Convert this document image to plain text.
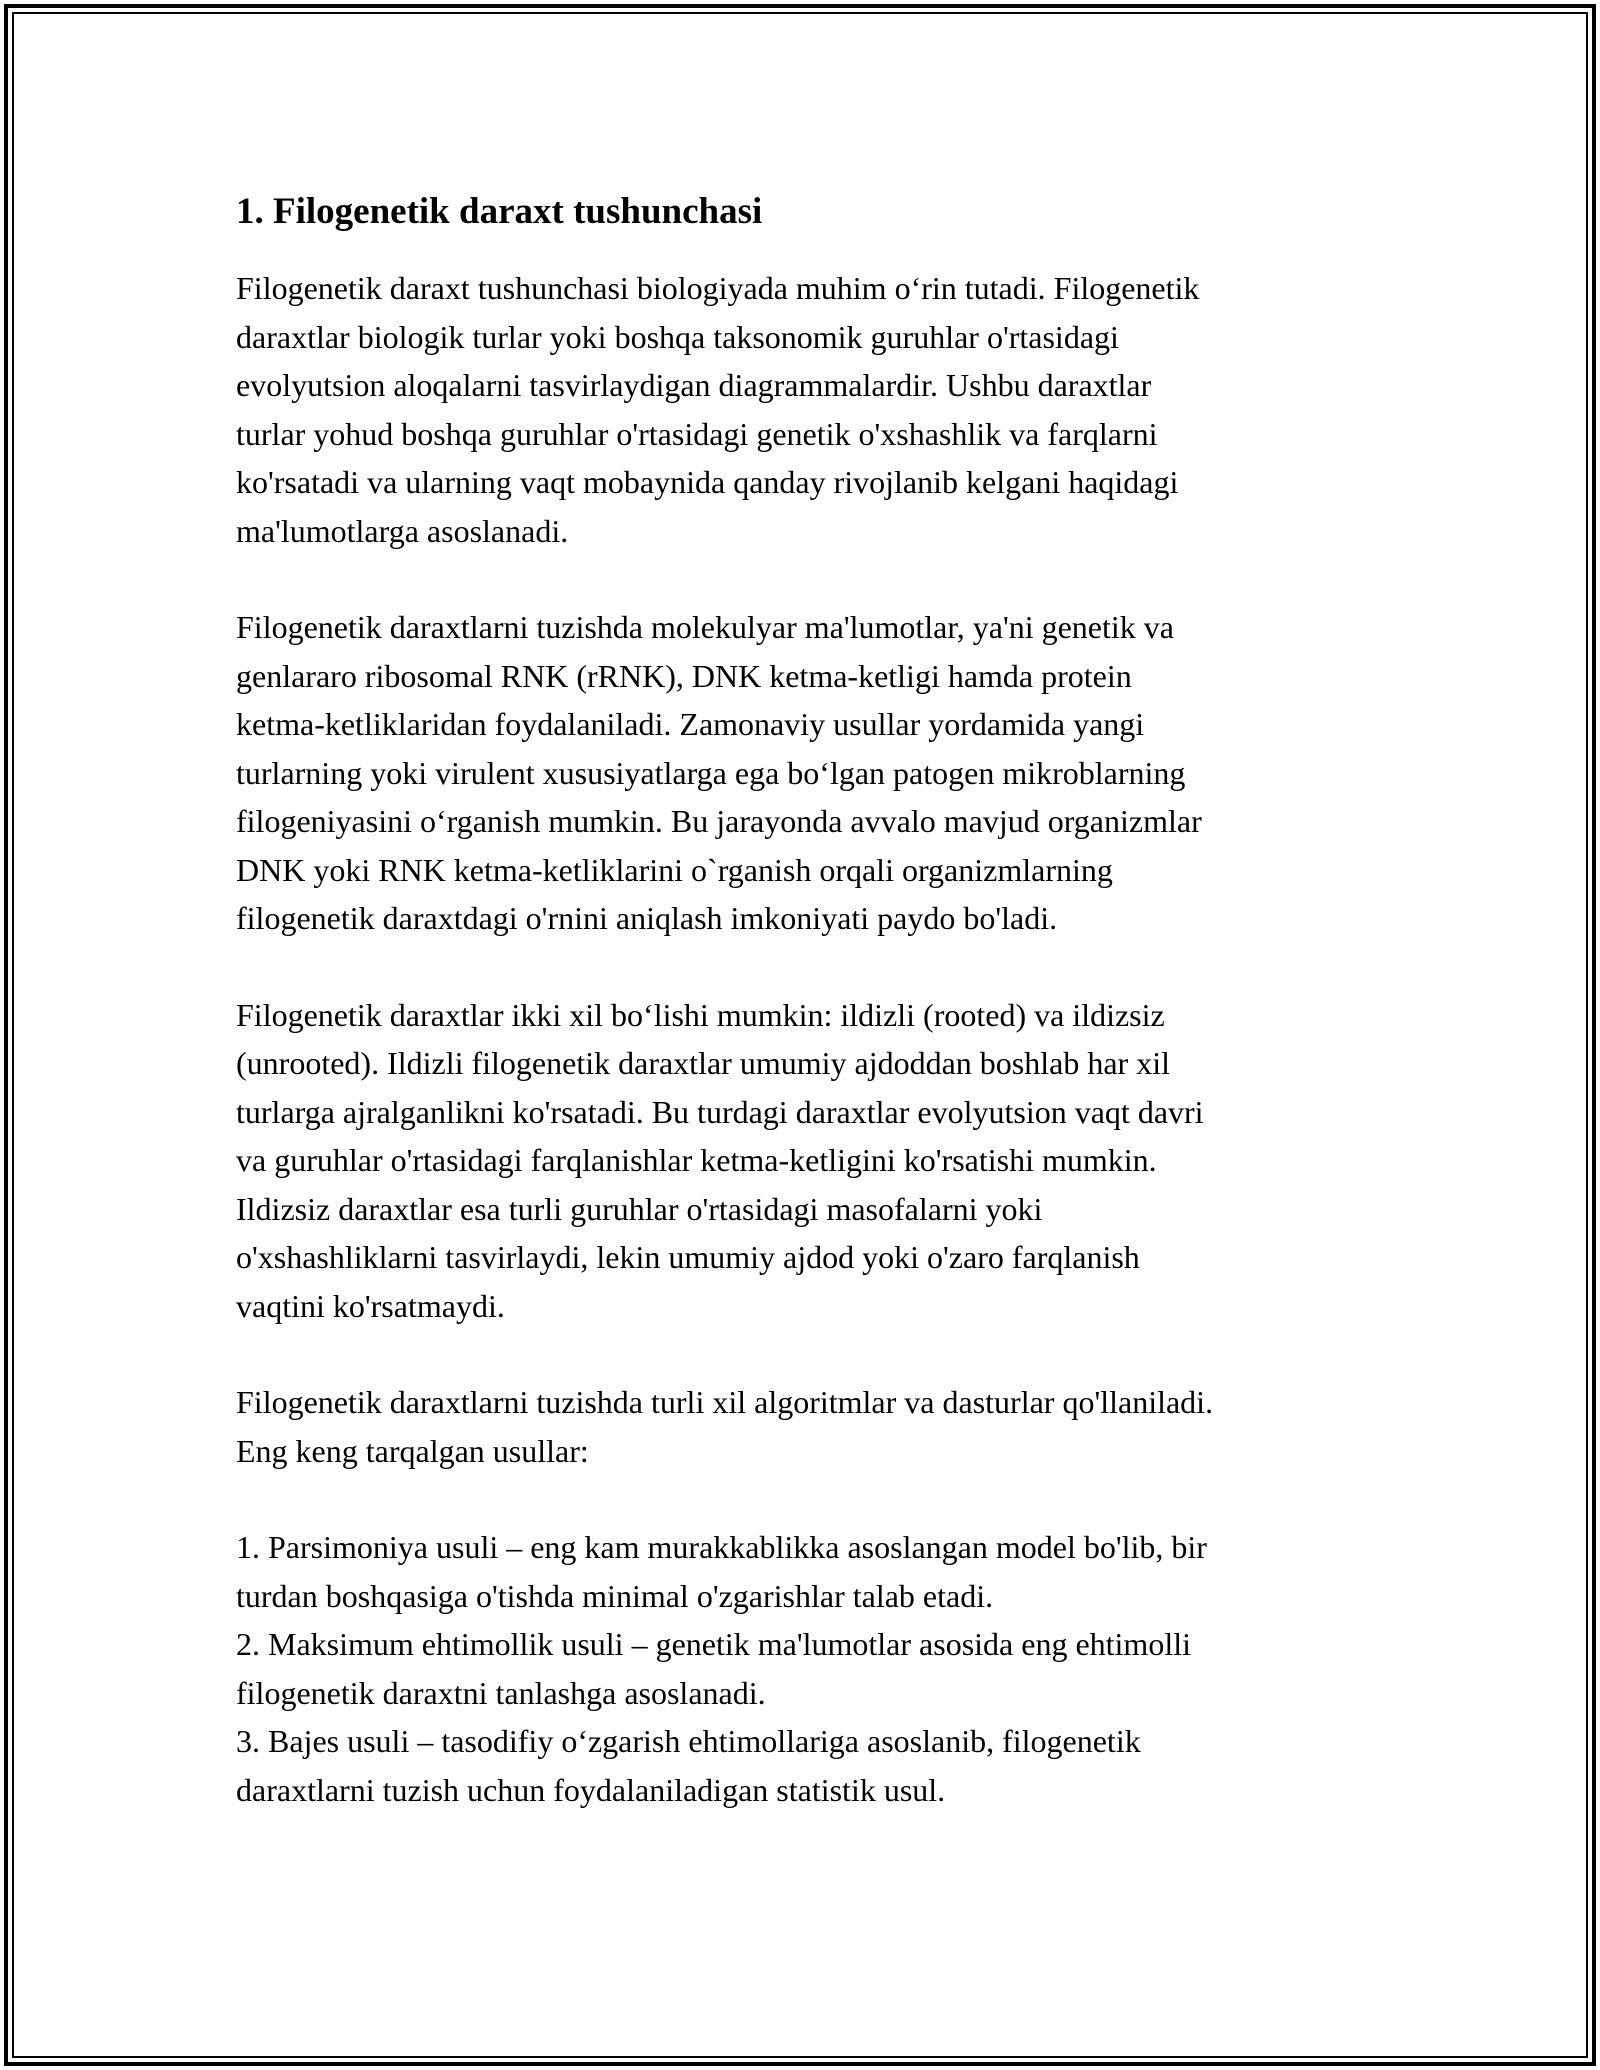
1. Filogenetik daraxt tushunchasi

Filogenetik daraxt tushunchasi biologiyada muhim o‘rin tutadi. Filogenetik
daraxtlar biologik turlar yoki boshqa taksonomik guruhlar o'rtasidagi
evolyutsion aloqalarni tasvirlaydigan diagrammalardir. Ushbu daraxtlar
turlar yohud boshqa guruhlar o'rtasidagi genetik o'xshashlik va farqlarni
ko'rsatadi va ularning vaqt mobaynida qanday rivojlanib kelgani haqidagi
ma'lumotlarga asoslanadi.

Filogenetik daraxtlarni tuzishda molekulyar ma'lumotlar, ya'ni genetik va
genlararo ribosomal RNK (rRNK), DNK ketma-ketligi hamda protein
ketma-ketliklaridan foydalaniladi. Zamonaviy usullar yordamida yangi
turlarning yoki virulent xususiyatlarga ega bo‘lgan patogen mikroblarning
filogeniyasini o‘rganish mumkin. Bu jarayonda avvalo mavjud organizmlar
DNK yoki RNK ketma-ketliklarini o`rganish orqali organizmlarning
filogenetik daraxtdagi o'rnini aniqlash imkoniyati paydo bo'ladi.

Filogenetik daraxtlar ikki xil bo‘lishi mumkin: ildizli (rooted) va ildizsiz
(unrooted). Ildizli filogenetik daraxtlar umumiy ajdoddan boshlab har xil
turlarga ajralganlikni ko'rsatadi. Bu turdagi daraxtlar evolyutsion vaqt davri
va guruhlar o'rtasidagi farqlanishlar ketma-ketligini ko'rsatishi mumkin.
Ildizsiz daraxtlar esa turli guruhlar o'rtasidagi masofalarni yoki
o'xshashliklarni tasvirlaydi, lekin umumiy ajdod yoki o'zaro farqlanish
vaqtini ko'rsatmaydi.

Filogenetik daraxtlarni tuzishda turli xil algoritmlar va dasturlar qo'llaniladi.
Eng keng tarqalgan usullar:

1. Parsimoniya usuli – eng kam murakkablikka asoslangan model bo'lib, bir
turdan boshqasiga o'tishda minimal o'zgarishlar talab etadi.
2. Maksimum ehtimollik usuli – genetik ma'lumotlar asosida eng ehtimolli
filogenetik daraxtni tanlashga asoslanadi.
3. Bajes usuli – tasodifiy o‘zgarish ehtimollariga asoslanib, filogenetik
daraxtlarni tuzish uchun foydalaniladigan statistik usul.
